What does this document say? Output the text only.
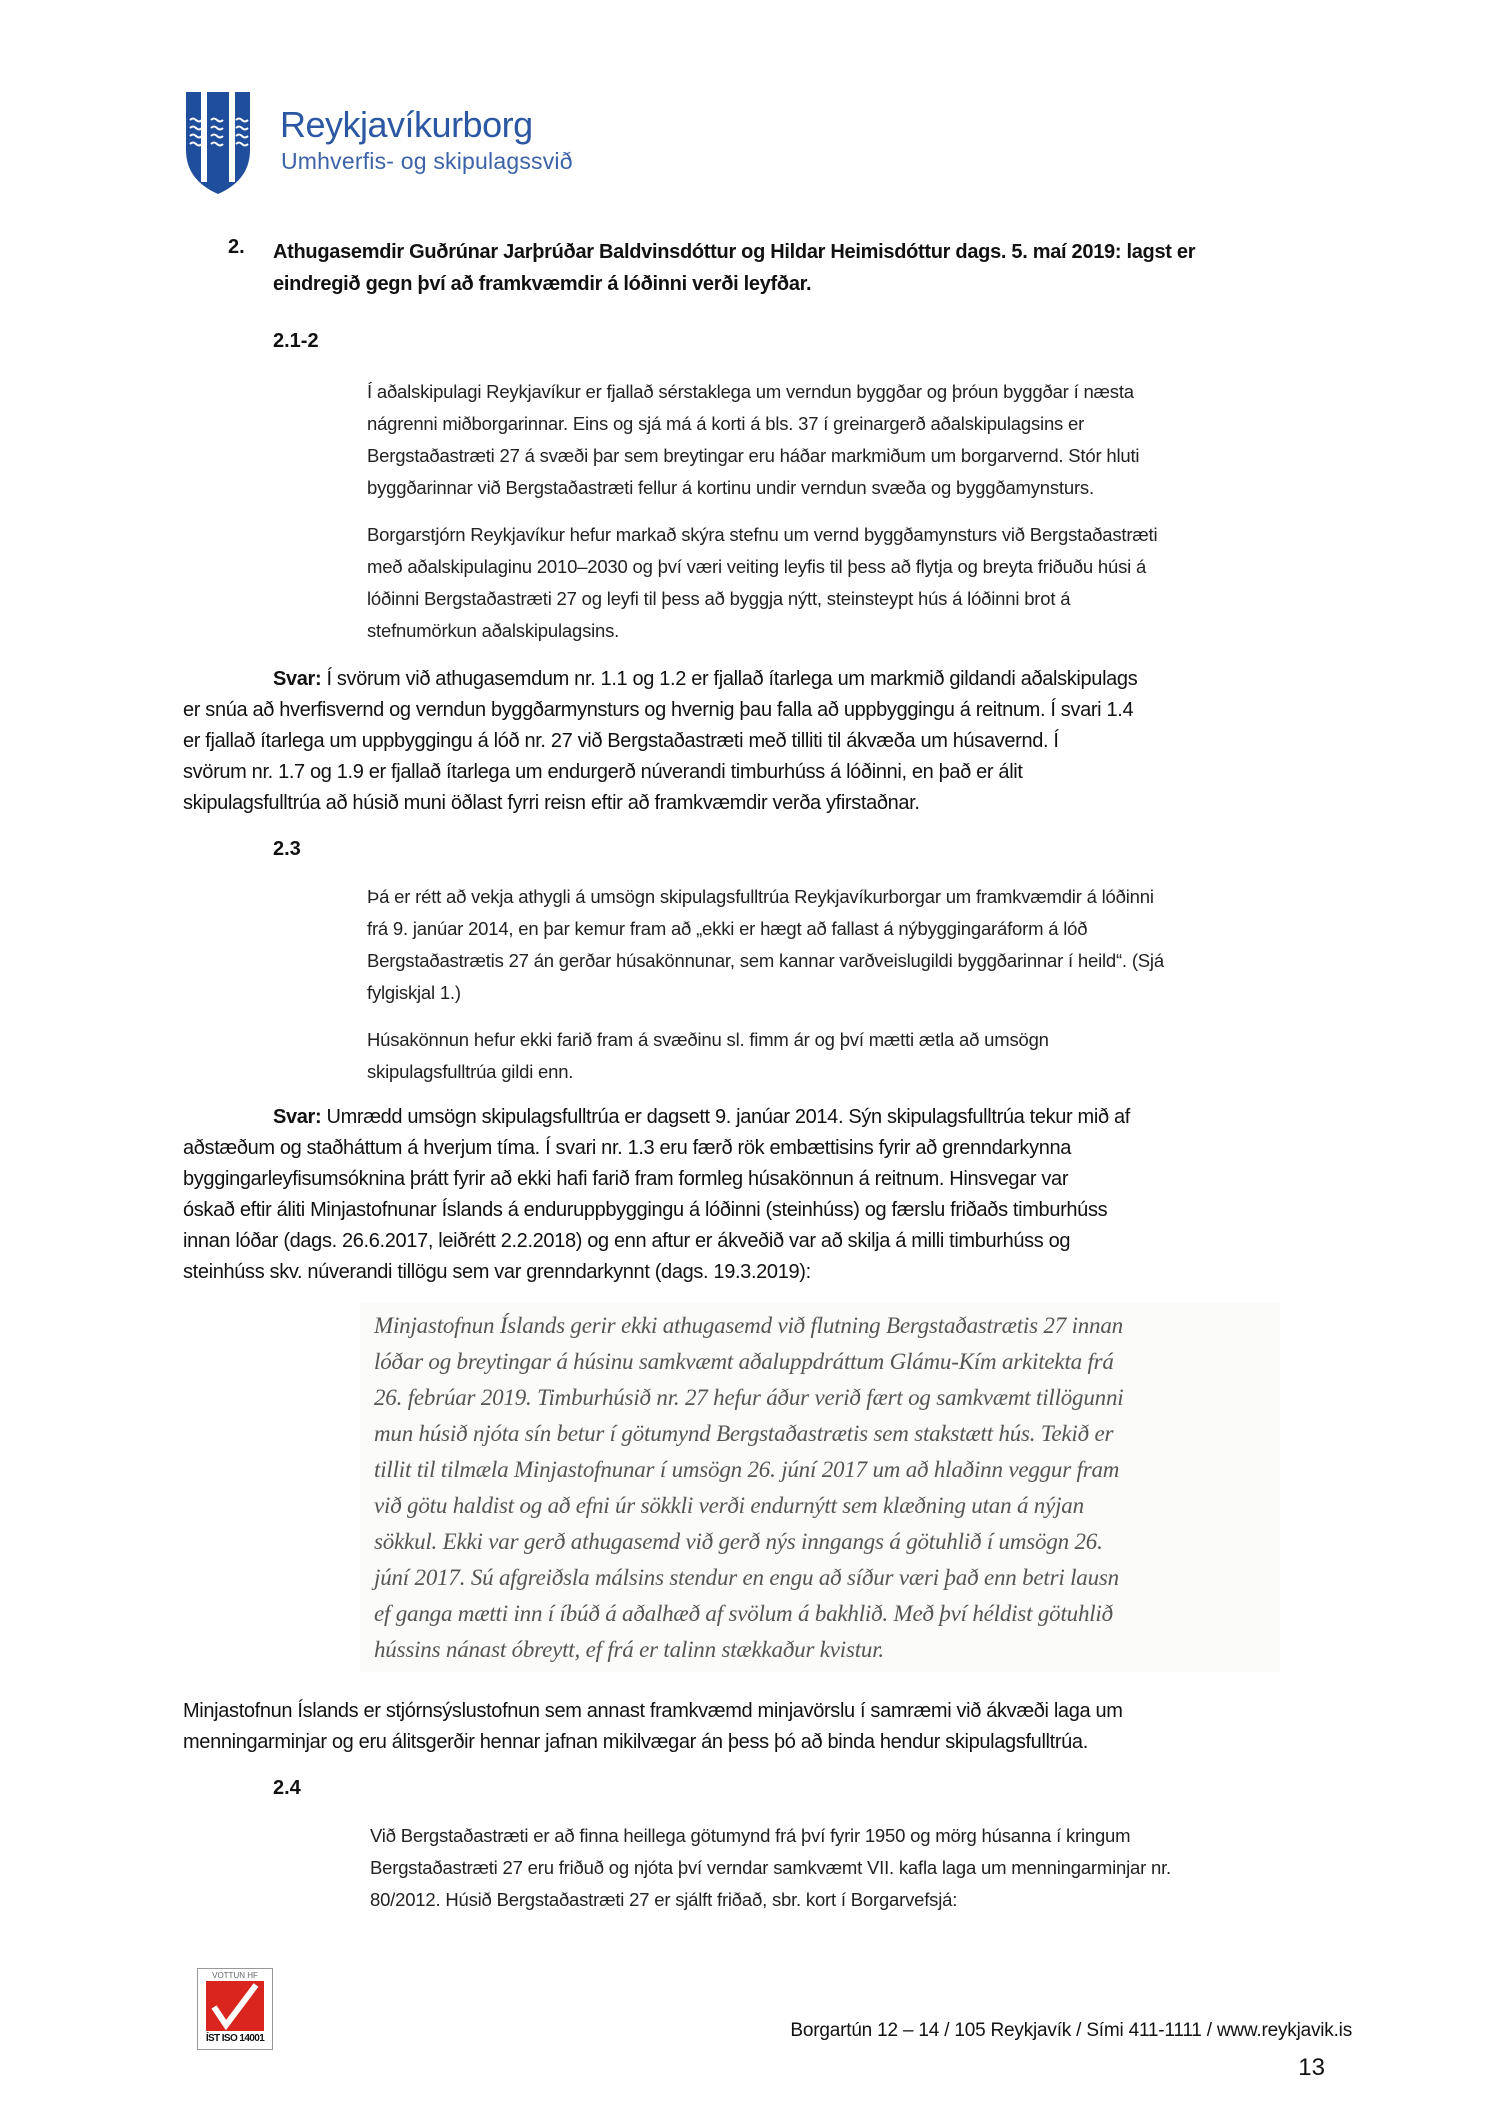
Reykjavíkurborg
Umhverfis- og skipulagssvið
2. Athugasemdir Guðrúnar Jarþrúðar Baldvinsdóttur og Hildar Heimisdóttur dags. 5. maí 2019: lagst er
eindregið gegn því að framkvæmdir á lóðinni verði leyfðar.
2.1-2
Í aðalskipulagi Reykjavíkur er fjallað sérstaklega um verndun byggðar og þróun byggðar í næsta
nágrenni miðborgarinnar. Eins og sjá má á korti á bls. 37 í greinargerð aðalskipulagsins er
Bergstaðastræti 27 á svæði þar sem breytingar eru háðar markmiðum um borgarvernd. Stór hluti
byggðarinnar við Bergstaðastræti fellur á kortinu undir verndun svæða og byggðamynsturs.
Borgarstjórn Reykjavíkur hefur markað skýra stefnu um vernd byggðamynsturs við Bergstaðastræti
með aðalskipulaginu 2010–2030 og því væri veiting leyfis til þess að flytja og breyta friðuðu húsi á
lóðinni Bergstaðastræti 27 og leyfi til þess að byggja nýtt, steinsteypt hús á lóðinni brot á
stefnumörkun aðalskipulagsins.
Svar: Í svörum við athugasemdum nr. 1.1 og 1.2 er fjallað ítarlega um markmið gildandi aðalskipulags
er snúa að hverfisvernd og verndun byggðarmynsturs og hvernig þau falla að uppbyggingu á reitnum. Í svari 1.4
er fjallað ítarlega um uppbyggingu á lóð nr. 27 við Bergstaðastræti með tilliti til ákvæða um húsavernd. Í
svörum nr. 1.7 og 1.9 er fjallað ítarlega um endurgerð núverandi timburhúss á lóðinni, en það er álit
skipulagsfulltrúa að húsið muni öðlast fyrri reisn eftir að framkvæmdir verða yfirstaðnar.
2.3
Þá er rétt að vekja athygli á umsögn skipulagsfulltrúa Reykjavíkurborgar um framkvæmdir á lóðinni
frá 9. janúar 2014, en þar kemur fram að „ekki er hægt að fallast á nýbyggingaráform á lóð
Bergstaðastrætis 27 án gerðar húsakönnunar, sem kannar varðveislugildi byggðarinnar í heild“. (Sjá
fylgiskjal 1.)
Húsakönnun hefur ekki farið fram á svæðinu sl. fimm ár og því mætti ætla að umsögn
skipulagsfulltrúa gildi enn.
Svar: Umrædd umsögn skipulagsfulltrúa er dagsett 9. janúar 2014. Sýn skipulagsfulltrúa tekur mið af
aðstæðum og staðháttum á hverjum tíma. Í svari nr. 1.3 eru færð rök embættisins fyrir að grenndarkynna
byggingarleyfisumsóknina þrátt fyrir að ekki hafi farið fram formleg húsakönnun á reitnum. Hinsvegar var
óskað eftir áliti Minjastofnunar Íslands á enduruppbyggingu á lóðinni (steinhúss) og færslu friðaðs timburhúss
innan lóðar (dags. 26.6.2017, leiðrétt 2.2.2018) og enn aftur er ákveðið var að skilja á milli timburhúss og
steinhúss skv. núverandi tillögu sem var grenndarkynnt (dags. 19.3.2019):
Minjastofnun Íslands gerir ekki athugasemd við flutning Bergstaðastrætis 27 innan
lóðar og breytingar á húsinu samkvæmt aðaluppdráttum Glámu-Kím arkitekta frá
26. febrúar 2019. Timburhúsið nr. 27 hefur áður verið fært og samkvæmt tillögunni
mun húsið njóta sín betur í götumynd Bergstaðastrætis sem stakstætt hús. Tekið er
tillit til tilmæla Minjastofnunar í umsögn 26. júní 2017 um að hlaðinn veggur fram
við götu haldist og að efni úr sökkli verði endurnýtt sem klæðning utan á nýjan
sökkul. Ekki var gerð athugasemd við gerð nýs inngangs á götuhlið í umsögn 26.
júní 2017. Sú afgreiðsla málsins stendur en engu að síður væri það enn betri lausn
ef ganga mætti inn í íbúð á aðalhæð af svölum á bakhlið. Með því héldist götuhlið
hússins nánast óbreytt, ef frá er talinn stækkaður kvistur.
Minjastofnun Íslands er stjórnsýslustofnun sem annast framkvæmd minjavörslu í samræmi við ákvæði laga um
menningarminjar og eru álitsgerðir hennar jafnan mikilvægar án þess þó að binda hendur skipulagsfulltrúa.
2.4
Við Bergstaðastræti er að finna heillega götumynd frá því fyrir 1950 og mörg húsanna í kringum
Bergstaðastræti 27 eru friðuð og njóta því verndar samkvæmt VII. kafla laga um menningarminjar nr.
80/2012. Húsið Bergstaðastræti 27 er sjálft friðað, sbr. kort í Borgarvefsjá:
VOTTUN HF
ÍST ISO 14001	Borgartún 12 – 14 / 105 Reykjavík / Sími 411-1111 / www.reykjavik.is
13
